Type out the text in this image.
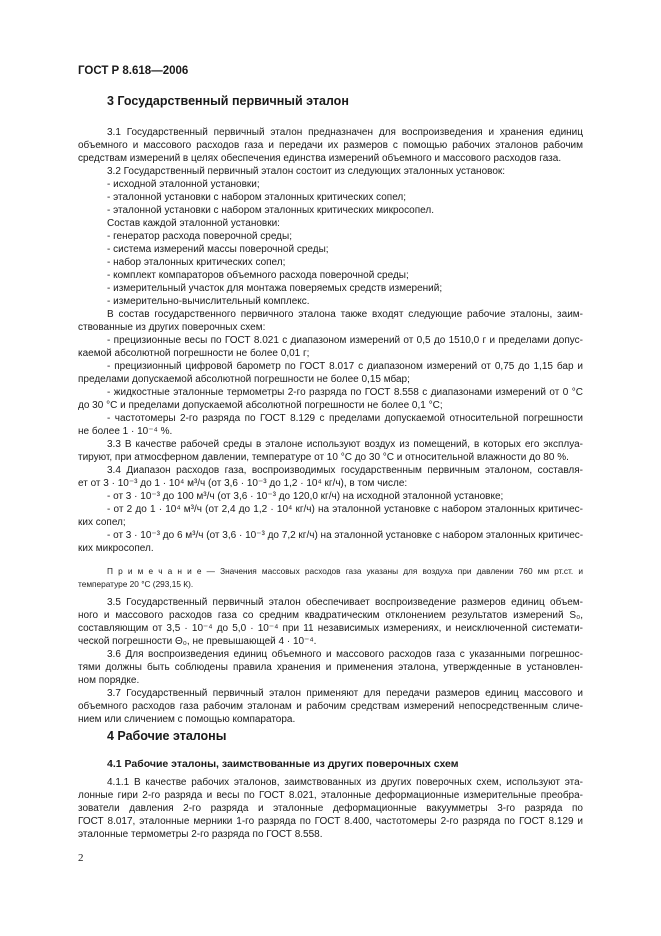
ГОСТ Р 8.618—2006
3 Государственный первичный эталон
3.1 Государственный первичный эталон предназначен для воспроизведения и хранения единиц
объемного и массового расходов газа и передачи их размеров с помощью рабочих эталонов рабочим
средствам измерений в целях обеспечения единства измерений объемного и массового расходов газа.
3.2 Государственный первичный эталон состоит из следующих эталонных установок:
- исходной эталонной установки;
- эталонной установки с набором эталонных критических сопел;
- эталонной установки с набором эталонных критических микросопел.
Состав каждой эталонной установки:
- генератор расхода поверочной среды;
- система измерений массы поверочной среды;
- набор эталонных критических сопел;
- комплект компараторов объемного расхода поверочной среды;
- измерительный участок для монтажа поверяемых средств измерений;
- измерительно-вычислительный комплекс.
В состав государственного первичного эталона также входят следующие рабочие эталоны, заим-
ствованные из других поверочных схем:
- прецизионные весы по ГОСТ 8.021 с диапазоном измерений от 0,5 до 1510,0 г и пределами допус-
каемой абсолютной погрешности не более 0,01 г;
- прецизионный цифровой барометр по ГОСТ 8.017 с диапазоном измерений от 0,75 до 1,15 бар и
пределами допускаемой абсолютной погрешности не более 0,15 мбар;
- жидкостные эталонные термометры 2-го разряда по ГОСТ 8.558 с диапазонами измерений от 0 °С
до 30 °С и пределами допускаемой абсолютной погрешности не более 0,1 °С;
- частотомеры 2-го разряда по ГОСТ 8.129 с пределами допускаемой относительной погрешности
не более 1 · 10⁻⁴ %.
3.3 В качестве рабочей среды в эталоне используют воздух из помещений, в которых его эксплуа-
тируют, при атмосферном давлении, температуре от 10 °С до 30 °С и относительной влажности до 80 %.
3.4 Диапазон расходов газа, воспроизводимых государственным первичным эталоном, составля-
ет от 3 · 10⁻³ до 1 · 10⁴ м³/ч (от 3,6 · 10⁻³ до 1,2 · 10⁴ кг/ч), в том числе:
- от 3 · 10⁻³ до 100 м³/ч (от 3,6 · 10⁻³ до 120,0 кг/ч) на исходной эталонной установке;
- от 2 до 1 · 10⁴ м³/ч (от 2,4 до 1,2 · 10⁴ кг/ч) на эталонной установке с набором эталонных критичес-
ких сопел;
- от 3 · 10⁻³ до 6 м³/ч (от 3,6 · 10⁻³ до 7,2 кг/ч) на эталонной установке с набором эталонных критичес-
ких микросопел.
П р и м е ч а н и е — Значения массовых расходов газа указаны для воздуха при давлении 760 мм рт.ст. и
температуре 20 °С (293,15 К).
3.5 Государственный первичный эталон обеспечивает воспроизведение размеров единиц объем-
ного и массового расходов газа со средним квадратическим отклонением результатов измерений S₀,
составляющим от 3,5 · 10⁻⁴ до 5,0 · 10⁻⁴ при 11 независимых измерениях, и неисключенной системати-
ческой погрешности Θ₀, не превышающей 4 · 10⁻⁴.
3.6 Для воспроизведения единиц объемного и массового расходов газа с указанными погрешнос-
тями должны быть соблюдены правила хранения и применения эталона, утвержденные в установлен-
ном порядке.
3.7 Государственный первичный эталон применяют для передачи размеров единиц массового и
объемного расходов газа рабочим эталонам и рабочим средствам измерений непосредственным сличе-
нием или сличением с помощью компаратора.
4 Рабочие эталоны
4.1 Рабочие эталоны, заимствованные из других поверочных схем
4.1.1 В качестве рабочих эталонов, заимствованных из других поверочных схем, используют эта-
лонные гири 2-го разряда и весы по ГОСТ 8.021, эталонные деформационные измерительные преобра-
зователи давления 2-го разряда и эталонные деформационные вакуумметры 3-го разряда по
ГОСТ 8.017, эталонные мерники 1-го разряда по ГОСТ 8.400, частотомеры 2-го разряда по ГОСТ 8.129 и
эталонные термометры 2-го разряда по ГОСТ 8.558.
2
